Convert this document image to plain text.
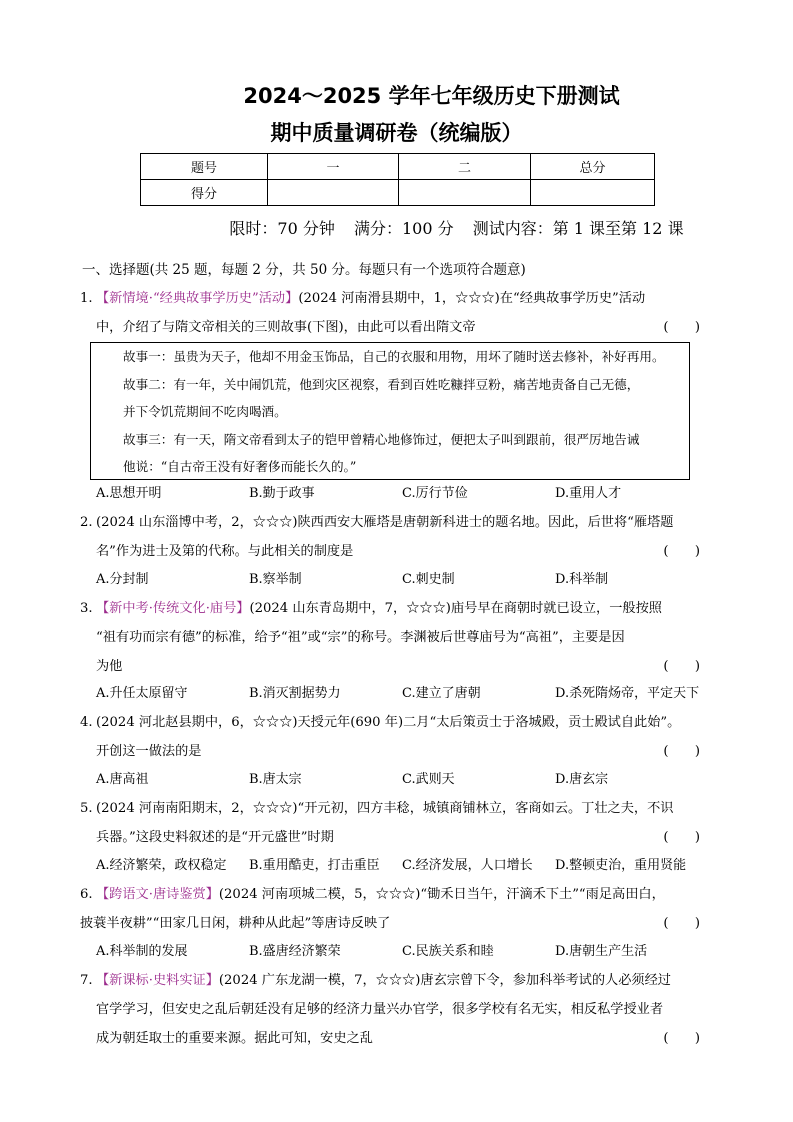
2024～2025 学年七年级历史下册测试
期中质量调研卷（统编版）
题号	一	二	总分
得分			
限时：70 分钟 满分：100 分 测试内容：第 1 课至第 12 课
一、选择题(共 25 题，每题 2 分，共 50 分。每题只有一个选项符合题意)
1. 【新情境·“经典故事学历史”活动】(2024 河南滑县期中，1，☆☆☆)在“经典故事学历史”活动
中，介绍了与隋文帝相关的三则故事(下图)，由此可以看出隋文帝	(　　)
故事一：虽贵为天子，他却不用金玉饰品，自己的衣服和用物，用坏了随时送去修补，补好再用。
故事二：有一年，关中闹饥荒，他到灾区视察，看到百姓吃糠拌豆粉，痛苦地责备自己无德，
并下令饥荒期间不吃肉喝酒。
故事三：有一天，隋文帝看到太子的铠甲曾精心地修饰过，便把太子叫到跟前，很严厉地告诫
他说：“自古帝王没有好奢侈而能长久的。”
A.思想开明	B.勤于政事	C.厉行节俭	D.重用人才
2. (2024 山东淄博中考，2，☆☆☆)陕西西安大雁塔是唐朝新科进士的题名地。因此，后世将“雁塔题
名”作为进士及第的代称。与此相关的制度是	(　　)
A.分封制	B.察举制	C.刺史制	D.科举制
3. 【新中考·传统文化·庙号】(2024 山东青岛期中，7，☆☆☆)庙号早在商朝时就已设立，一般按照
“祖有功而宗有德”的标准，给予“祖”或“宗”的称号。李渊被后世尊庙号为“高祖”，主要是因
为他	(　　)
A.升任太原留守	B.消灭割据势力	C.建立了唐朝	D.杀死隋炀帝，平定天下
4. (2024 河北赵县期中，6，☆☆☆)天授元年(690 年)二月“太后策贡士于洛城殿，贡士殿试自此始”。
开创这一做法的是	(　　)
A.唐高祖	B.唐太宗	C.武则天	D.唐玄宗
5. (2024 河南南阳期末，2，☆☆☆)“开元初，四方丰稔，城镇商铺林立，客商如云。丁壮之夫，不识
兵器。”这段史料叙述的是“开元盛世”时期	(　　)
A.经济繁荣，政权稳定 B.重用酷吏，打击重臣 C.经济发展，人口增长 D.整顿吏治，重用贤能
6. 【跨语文·唐诗鉴赏】(2024 河南项城二模，5，☆☆☆)“锄禾日当午，汗滴禾下土”“雨足高田白，
披蓑半夜耕”“田家几日闲，耕种从此起”等唐诗反映了	(　　)
A.科举制的发展	B.盛唐经济繁荣	C.民族关系和睦	D.唐朝生产生活
7. 【新课标·史料实证】(2024 广东龙湖一模，7，☆☆☆)唐玄宗曾下令，参加科举考试的人必须经过
官学学习，但安史之乱后朝廷没有足够的经济力量兴办官学，很多学校有名无实，相反私学授业者
成为朝廷取士的重要来源。据此可知，安史之乱	(　　)
